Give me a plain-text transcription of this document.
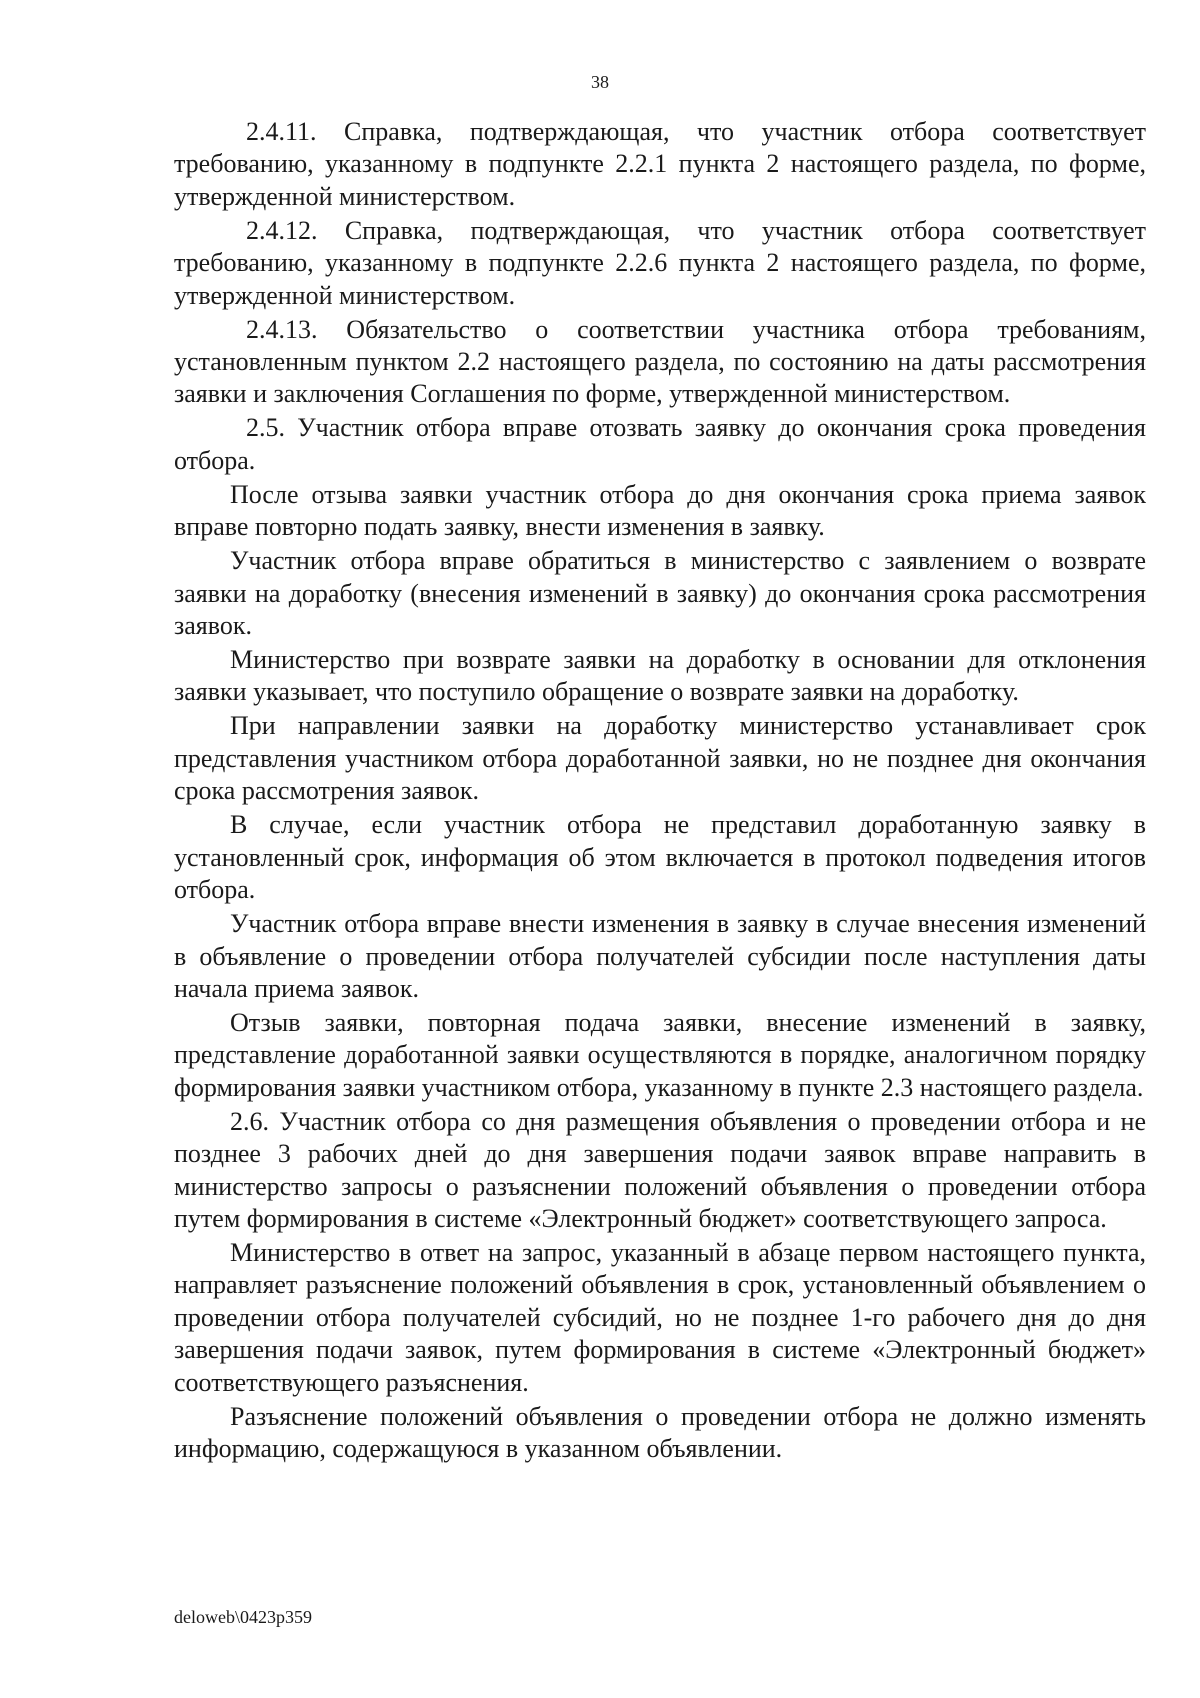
38

2.4.11. Справка, подтверждающая, что участник отбора соответствует требованию, указанному в подпункте 2.2.1 пункта 2 настоящего раздела, по форме, утвержденной министерством.

2.4.12. Справка, подтверждающая, что участник отбора соответствует требованию, указанному в подпункте 2.2.6 пункта 2 настоящего раздела, по форме, утвержденной министерством.

2.4.13. Обязательство о соответствии участника отбора требованиям, установленным пунктом 2.2 настоящего раздела, по состоянию на даты рассмотрения заявки и заключения Соглашения по форме, утвержденной министерством.

2.5. Участник отбора вправе отозвать заявку до окончания срока проведения отбора.

После отзыва заявки участник отбора до дня окончания срока приема заявок вправе повторно подать заявку, внести изменения в заявку.

Участник отбора вправе обратиться в министерство с заявлением о возврате заявки на доработку (внесения изменений в заявку) до окончания срока рассмотрения заявок.

Министерство при возврате заявки на доработку в основании для отклонения заявки указывает, что поступило обращение о возврате заявки на доработку.

При направлении заявки на доработку министерство устанавливает срок представления участником отбора доработанной заявки, но не позднее дня окончания срока рассмотрения заявок.

В случае, если участник отбора не представил доработанную заявку в установленный срок, информация об этом включается в протокол подведения итогов отбора.

Участник отбора вправе внести изменения в заявку в случае внесения изменений в объявление о проведении отбора получателей субсидии после наступления даты начала приема заявок.

Отзыв заявки, повторная подача заявки, внесение изменений в заявку, представление доработанной заявки осуществляются в порядке, аналогичном порядку формирования заявки участником отбора, указанному в пункте 2.3 настоящего раздела.

2.6. Участник отбора со дня размещения объявления о проведении отбора и не позднее 3 рабочих дней до дня завершения подачи заявок вправе направить в министерство запросы о разъяснении положений объявления о проведении отбора путем формирования в системе «Электронный бюджет» соответствующего запроса.

Министерство в ответ на запрос, указанный в абзаце первом настоящего пункта, направляет разъяснение положений объявления в срок, установленный объявлением о проведении отбора получателей субсидий, но не позднее 1-го рабочего дня до дня завершения подачи заявок, путем формирования в системе «Электронный бюджет» соответствующего разъяснения.

Разъяснение положений объявления о проведении отбора не должно изменять информацию, содержащуюся в указанном объявлении.

deloweb\0423p359
